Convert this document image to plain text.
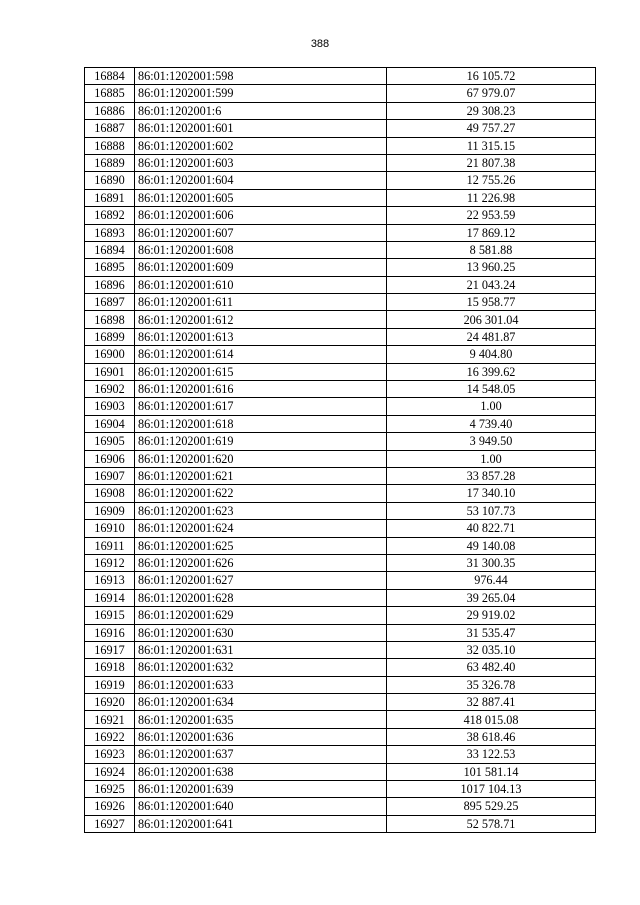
388
16884	86:01:1202001:598	16 105.72
16885	86:01:1202001:599	67 979.07
16886	86:01:1202001:6	29 308.23
16887	86:01:1202001:601	49 757.27
16888	86:01:1202001:602	11 315.15
16889	86:01:1202001:603	21 807.38
16890	86:01:1202001:604	12 755.26
16891	86:01:1202001:605	11 226.98
16892	86:01:1202001:606	22 953.59
16893	86:01:1202001:607	17 869.12
16894	86:01:1202001:608	8 581.88
16895	86:01:1202001:609	13 960.25
16896	86:01:1202001:610	21 043.24
16897	86:01:1202001:611	15 958.77
16898	86:01:1202001:612	206 301.04
16899	86:01:1202001:613	24 481.87
16900	86:01:1202001:614	9 404.80
16901	86:01:1202001:615	16 399.62
16902	86:01:1202001:616	14 548.05
16903	86:01:1202001:617	1.00
16904	86:01:1202001:618	4 739.40
16905	86:01:1202001:619	3 949.50
16906	86:01:1202001:620	1.00
16907	86:01:1202001:621	33 857.28
16908	86:01:1202001:622	17 340.10
16909	86:01:1202001:623	53 107.73
16910	86:01:1202001:624	40 822.71
16911	86:01:1202001:625	49 140.08
16912	86:01:1202001:626	31 300.35
16913	86:01:1202001:627	976.44
16914	86:01:1202001:628	39 265.04
16915	86:01:1202001:629	29 919.02
16916	86:01:1202001:630	31 535.47
16917	86:01:1202001:631	32 035.10
16918	86:01:1202001:632	63 482.40
16919	86:01:1202001:633	35 326.78
16920	86:01:1202001:634	32 887.41
16921	86:01:1202001:635	418 015.08
16922	86:01:1202001:636	38 618.46
16923	86:01:1202001:637	33 122.53
16924	86:01:1202001:638	101 581.14
16925	86:01:1202001:639	1017 104.13
16926	86:01:1202001:640	895 529.25
16927	86:01:1202001:641	52 578.71
